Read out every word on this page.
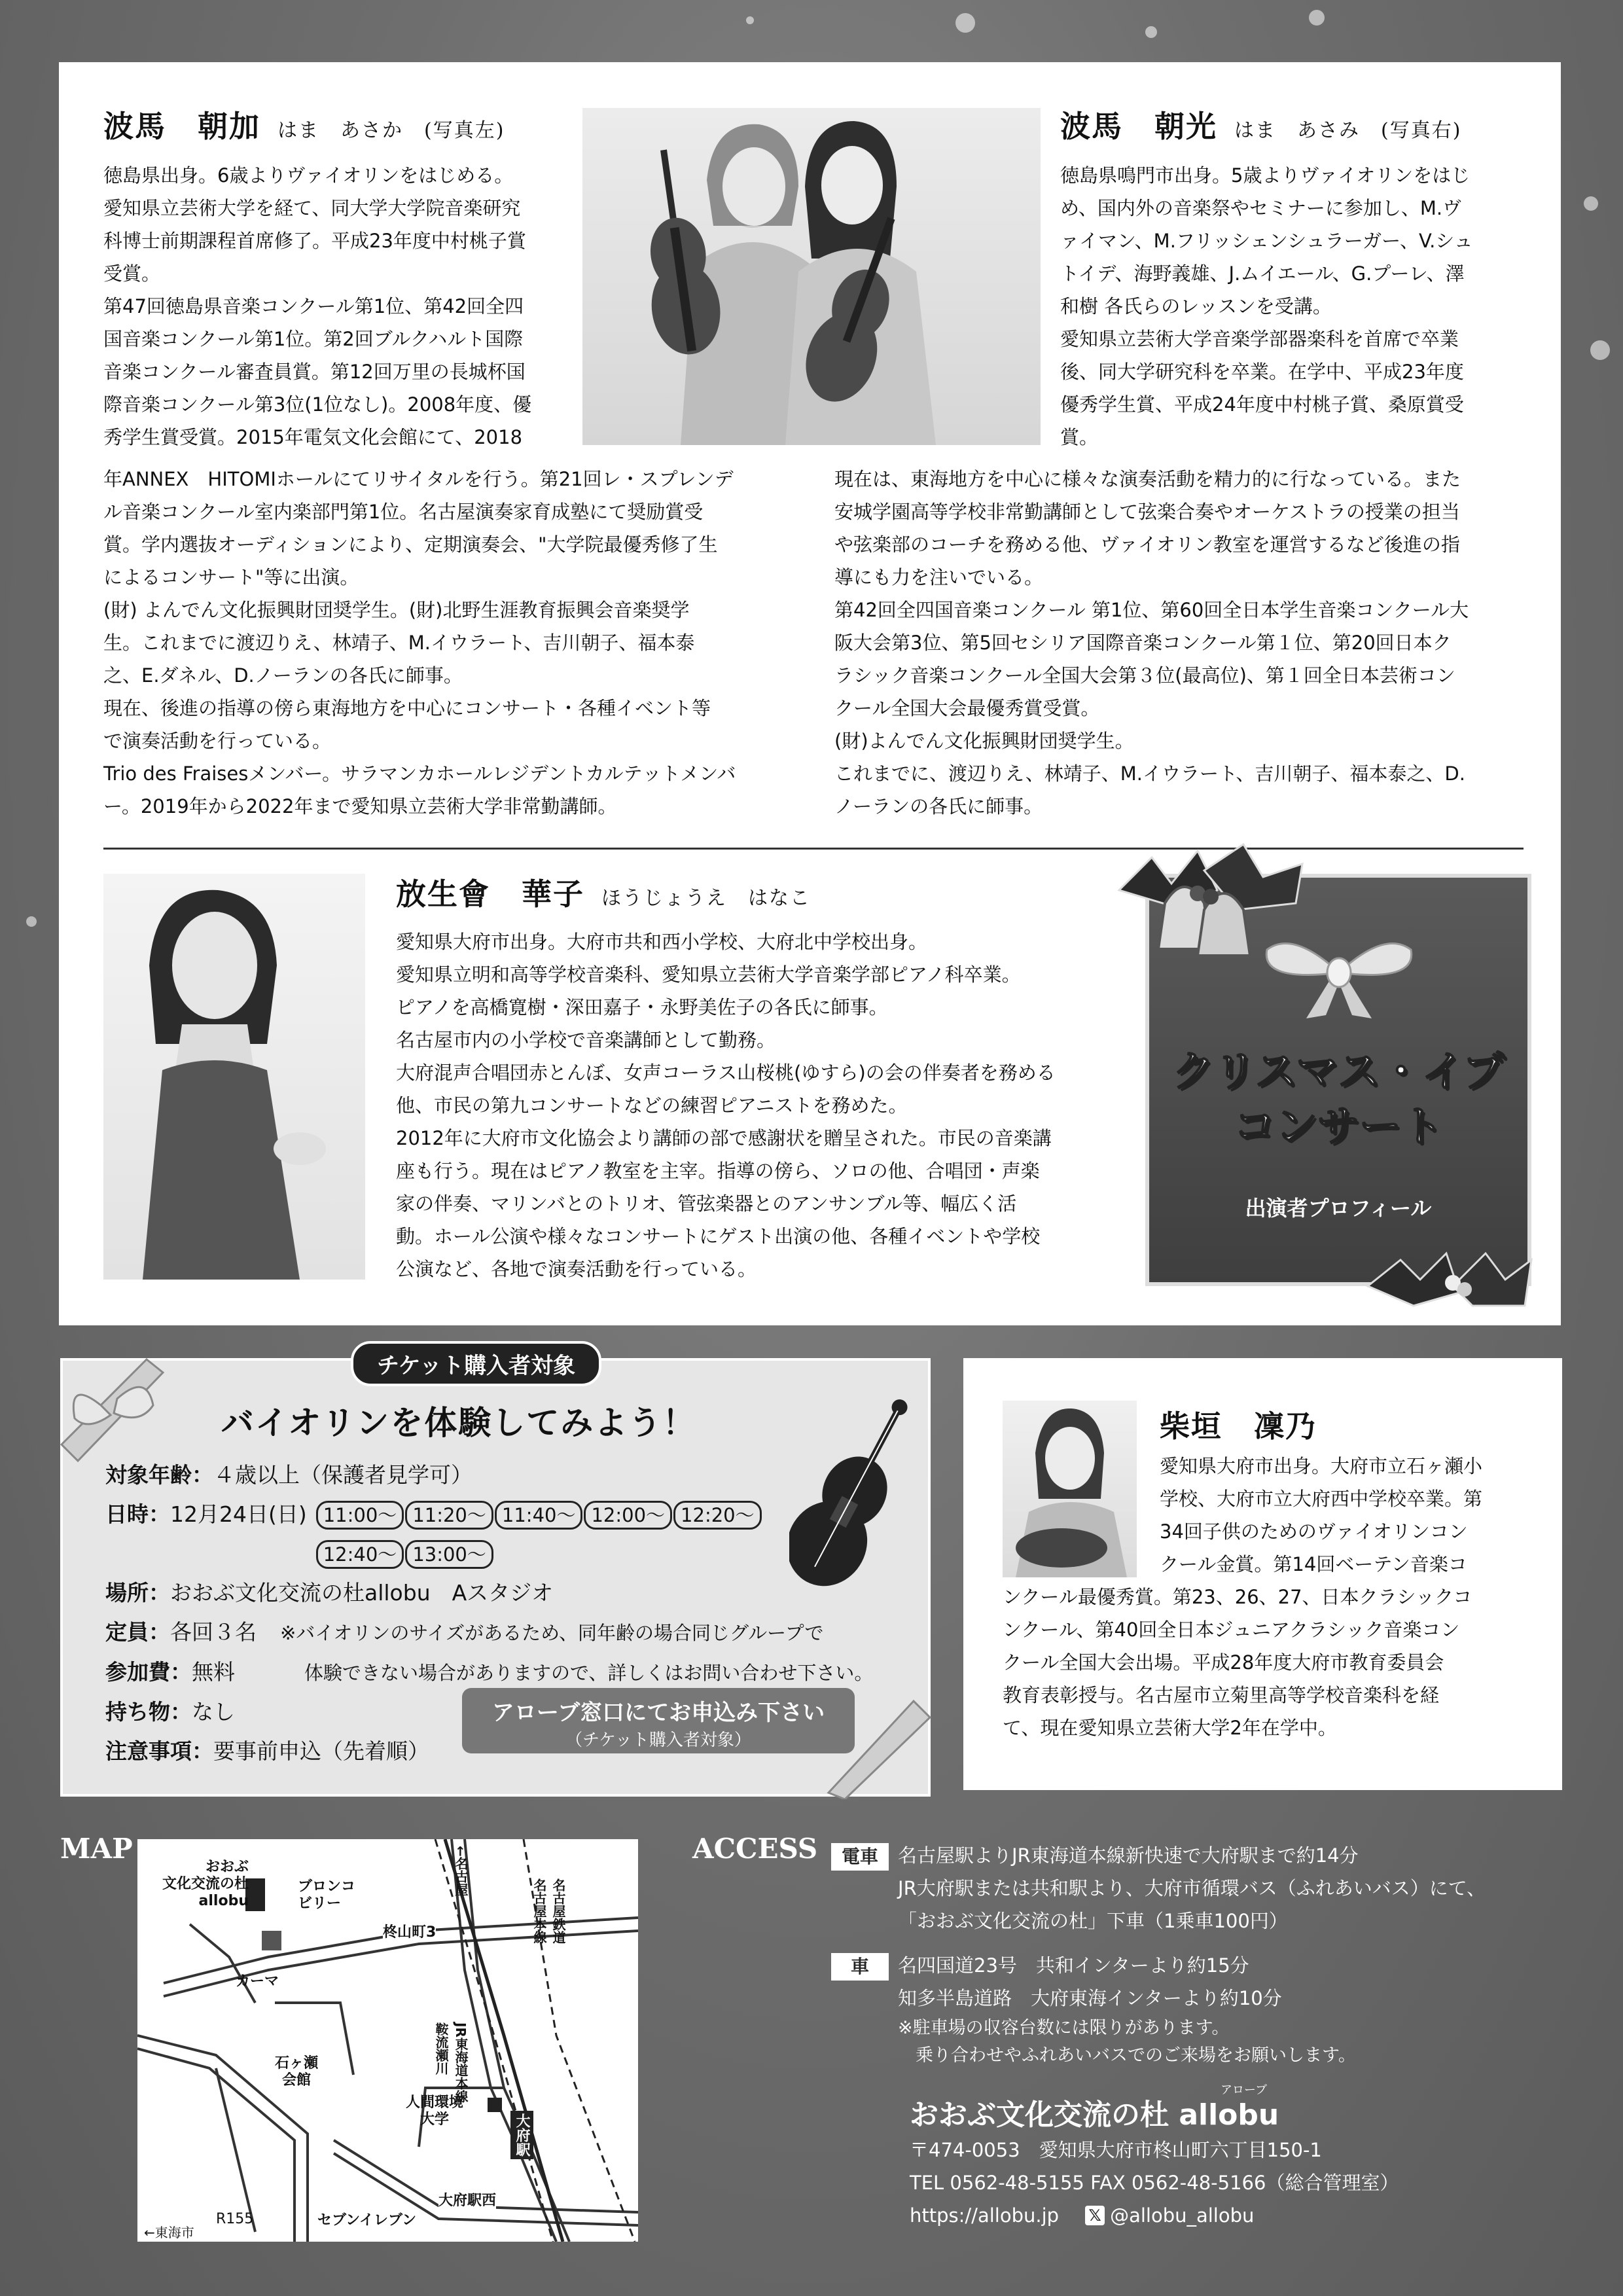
波馬　朝加 はま　あさか　(写真左)

徳島県出身。6歳よりヴァイオリンをはじめる。

愛知県立芸術大学を経て、同大学大学院音楽研究

科博士前期課程首席修了。平成23年度中村桃子賞

受賞。

第47回徳島県音楽コンクール第1位、第42回全四

国音楽コンクール第1位。第2回ブルクハルト国際

音楽コンクール審査員賞。第12回万里の長城杯国

際音楽コンクール第3位(1位なし)。2008年度、優

秀学生賞受賞。2015年電気文化会館にて、2018

波馬　朝光 はま　あさみ　(写真右)

徳島県鳴門市出身。5歳よりヴァイオリンをはじ

め、国内外の音楽祭やセミナーに参加し、M.ヴ

ァイマン、M.フリッシェンシュラーガー、V.シュ

トイデ、海野義雄、J.ムイエール、G.プーレ、澤

和樹 各氏らのレッスンを受講。

愛知県立芸術大学音楽学部器楽科を首席で卒業

後、同大学研究科を卒業。在学中、平成23年度

優秀学生賞、平成24年度中村桃子賞、桑原賞受

賞。

年ANNEX　HITOMIホールにてリサイタルを行う。第21回レ・スプレンデ

ル音楽コンクール室内楽部門第1位。名古屋演奏家育成塾にて奨励賞受

賞。学内選抜オーディションにより、定期演奏会、"大学院最優秀修了生

によるコンサート"等に出演。

(財) よんでん文化振興財団奨学生。(財)北野生涯教育振興会音楽奨学

生。これまでに渡辺りえ、林靖子、M.イウラート、吉川朝子、福本泰

之、E.ダネル、D.ノーランの各氏に師事。

現在、後進の指導の傍ら東海地方を中心にコンサート・各種イベント等

で演奏活動を行っている。

Trio des Fraisesメンバー。サラマンカホールレジデントカルテットメンバ

ー。2019年から2022年まで愛知県立芸術大学非常勤講師。

現在は、東海地方を中心に様々な演奏活動を精力的に行なっている。また

安城学園高等学校非常勤講師として弦楽合奏やオーケストラの授業の担当

や弦楽部のコーチを務める他、ヴァイオリン教室を運営するなど後進の指

導にも力を注いでいる。

第42回全四国音楽コンクール 第1位、第60回全日本学生音楽コンクール大

阪大会第3位、第5回セシリア国際音楽コンクール第１位、第20回日本ク

ラシック音楽コンクール全国大会第３位(最高位)、第１回全日本芸術コン

クール全国大会最優秀賞受賞。

(財)よんでん文化振興財団奨学生。

これまでに、渡辺りえ、林靖子、M.イウラート、吉川朝子、福本泰之、D.

ノーランの各氏に師事。

放生會　華子 ほうじょうえ　はなこ

愛知県大府市出身。大府市共和西小学校、大府北中学校出身。

愛知県立明和高等学校音楽科、愛知県立芸術大学音楽学部ピアノ科卒業。

ピアノを高橋寛樹・深田嘉子・永野美佐子の各氏に師事。

名古屋市内の小学校で音楽講師として勤務。

大府混声合唱団赤とんぼ、女声コーラス山桜桃(ゆすら)の会の伴奏者を務める

他、市民の第九コンサートなどの練習ピアニストを務めた。

2012年に大府市文化協会より講師の部で感謝状を贈呈された。市民の音楽講

座も行う。現在はピアノ教室を主宰。指導の傍ら、ソロの他、合唱団・声楽

家の伴奏、マリンバとのトリオ、管弦楽器とのアンサンブル等、幅広く活

動。ホール公演や様々なコンサートにゲスト出演の他、各種イベントや学校

公演など、各地で演奏活動を行っている。

クリスマス・イブ
コンサート
出演者プロフィール
チケット購入者対象
バイオリンを体験してみよう！
対象年齢：４歳以上（保護者見学可）
日時：12月24日(日) 11:00〜 11:20〜 11:40〜 12:00〜 12:20〜12:40〜 13:00〜
場所：おおぶ文化交流の杜allobu　Aスタジオ
定員：各回３名 ※バイオリンのサイズがあるため、同年齢の場合同じグループで
参加費：無料	体験できない場合がありますので、詳しくはお問い合わせ下さい。
持ち物：なし
注意事項：要事前申込（先着順）
アローブ窓口にてお申込み下さい
（チケット購入者対象）
柴垣　凜乃

愛知県大府市出身。大府市立石ヶ瀬小

学校、大府市立大府西中学校卒業。第

34回子供のためのヴァイオリンコン

クール金賞。第14回ベーテン音楽コ

ンクール最優秀賞。第23、26、27、日本クラシックコ

ンクール、第40回全日本ジュニアクラシック音楽コン

クール全国大会出場。平成28年度大府市教育委員会

教育表彰授与。名古屋市立菊里高等学校音楽科を経

て、現在愛知県立芸術大学2年在学中。

MAP
おおぶ
文化交流の杜
allobu
ブロンコ
ビリー
カーマ
柊山町3
←名古屋
名古屋鉄道
名古屋本線
鞍流瀬川 JR東海道本線
石ヶ瀬
会館
人間環境
大学	大府駅
大府駅西
セブンイレブン
R155
←東海市
ACCESS	電車	名古屋駅よりJR東海道本線新快速で大府駅まで約14分
JR大府駅または共和駅より、大府市循環バス（ふれあいバス）にて、
「おおぶ文化交流の杜」下車（1乗車100円）
車	名四国道23号　共和インターより約15分
知多半島道路　大府東海インターより約10分
※駐車場の収容台数には限りがあります。
　乗り合わせやふれあいバスでのご来場をお願いします。
アローブ
おおぶ文化交流の杜 allobu
〒474-0053　愛知県大府市柊山町六丁目150-1
TEL 0562-48-5155 FAX 0562-48-5166（総合管理室）
https://allobu.jp 𝕏 @allobu_allobu
